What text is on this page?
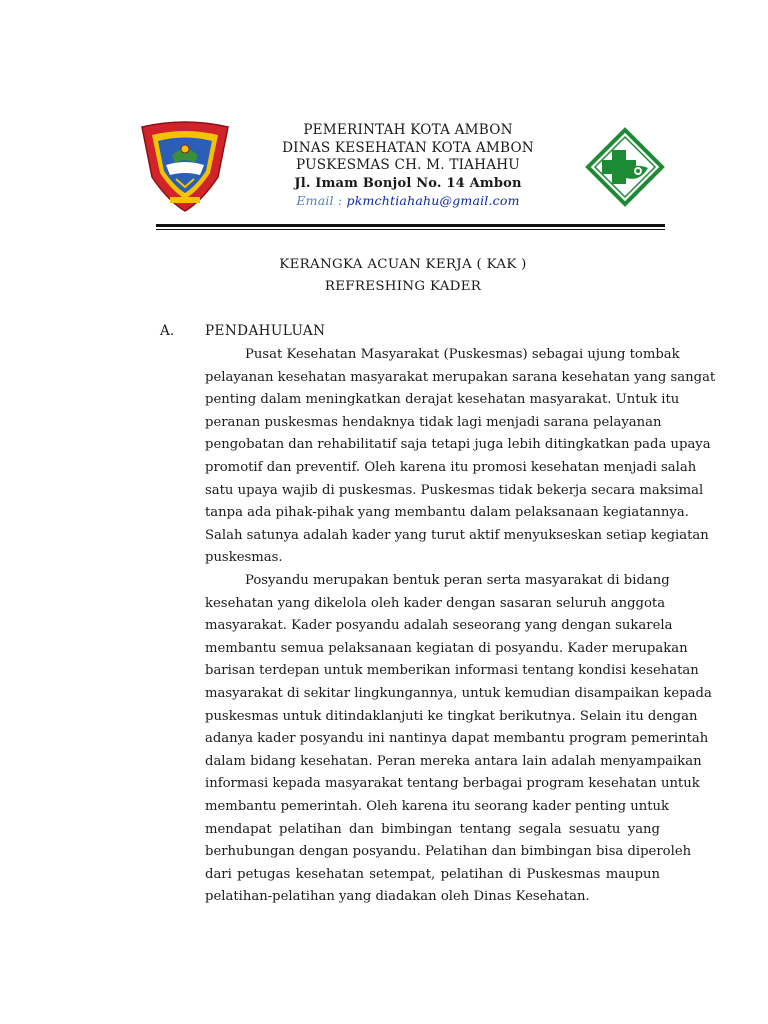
PEMERINTAH KOTA AMBON
DINAS KESEHATAN KOTA AMBON
PUSKESMAS CH. M. TIAHAHU
Jl. Imam Bonjol No. 14 Ambon
Email : pkmchtiahahu@gmail.com
KERANGKA ACUAN KERJA ( KAK )
REFRESHING KADER
A. PENDAHULUAN
Pusat Kesehatan Masyarakat (Puskesmas) sebagai ujung tombak
pelayanan kesehatan masyarakat merupakan sarana kesehatan yang sangat
penting dalam meningkatkan derajat kesehatan masyarakat. Untuk itu
peranan puskesmas hendaknya tidak lagi menjadi sarana pelayanan
pengobatan dan rehabilitatif saja tetapi juga lebih ditingkatkan pada upaya
promotif dan preventif. Oleh karena itu promosi kesehatan menjadi salah
satu upaya wajib di puskesmas. Puskesmas tidak bekerja secara maksimal
tanpa ada pihak-pihak yang membantu dalam pelaksanaan kegiatannya.
Salah satunya adalah kader yang turut aktif menyukseskan setiap kegiatan
puskesmas.
Posyandu merupakan bentuk peran serta masyarakat di bidang
kesehatan yang dikelola oleh kader dengan sasaran seluruh anggota
masyarakat. Kader posyandu adalah seseorang yang dengan sukarela
membantu semua pelaksanaan kegiatan di posyandu. Kader merupakan
barisan terdepan untuk memberikan informasi tentang kondisi kesehatan
masyarakat di sekitar lingkungannya, untuk kemudian disampaikan kepada
puskesmas untuk ditindaklanjuti ke tingkat berikutnya. Selain itu dengan
adanya kader posyandu ini nantinya dapat membantu program pemerintah
dalam bidang kesehatan. Peran mereka antara lain adalah menyampaikan
informasi kepada masyarakat tentang berbagai program kesehatan untuk
membantu pemerintah. Oleh karena itu seorang kader penting untuk
mendapat pelatihan dan bimbingan tentang segala sesuatu yang
berhubungan dengan posyandu. Pelatihan dan bimbingan bisa diperoleh
dari petugas kesehatan setempat, pelatihan di Puskesmas maupun
pelatihan-pelatihan yang diadakan oleh Dinas Kesehatan.
